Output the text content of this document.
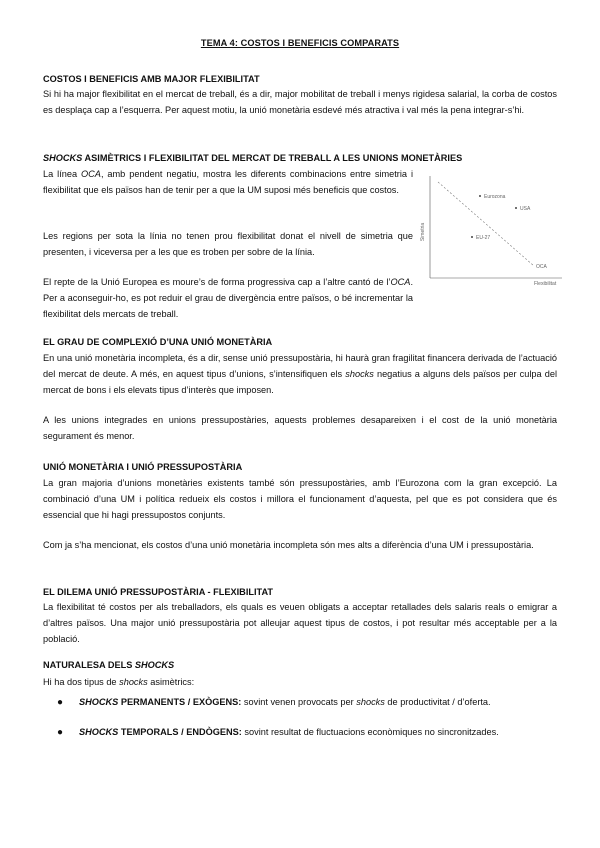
TEMA 4: COSTOS I BENEFICIS COMPARATS
COSTOS I BENEFICIS AMB MAJOR FLEXIBILITAT
Si hi ha major flexibilitat en el mercat de treball, és a dir, major mobilitat de treball i menys rigidesa salarial, la corba de costos es desplaça cap a l’esquerra. Per aquest motiu, la unió monetària esdevé més atractiva i val més la pena integrar-s’hi.
SHOCKS ASIMÈTRICS I FLEXIBILITAT DEL MERCAT DE TREBALL A LES UNIONS MONETÀRIES
La línea OCA, amb pendent negatiu, mostra les diferents combinacions entre simetria i flexibilitat que els països han de tenir per a que la UM suposi més beneficis que costos.
Les regions per sota la línia no tenen prou flexibilitat donat el nivell de simetria que presenten, i viceversa per a les que es troben per sobre de la línia.
El repte de la Unió Europea es moure’s de forma progressiva cap a l’altre cantó de l’OCA. Per a aconseguir-ho, es pot reduir el grau de divergència entre països, o bé incrementar la flexibilitat dels mercats de treball.
Simetria
Flexibilitat
Eurozona
USA
EU-27
OCA
EL GRAU DE COMPLEXIÓ D’UNA UNIÓ MONETÀRIA
En una unió monetària incompleta, és a dir, sense unió pressupostària, hi haurà gran fragilitat financera derivada de l’actuació del mercat de deute. A més, en aquest tipus d’unions, s’intensifiquen els shocks negatius a alguns dels països per culpa del mercat de bons i els elevats tipus d’interès que imposen.
A les unions integrades en unions pressupostàries, aquests problemes desapareixen i el cost de la unió monetària segurament és menor.
UNIÓ MONETÀRIA I UNIÓ PRESSUPOSTÀRIA
La gran majoria d’unions monetàries existents també són pressupostàries, amb l’Eurozona com la gran excepció. La combinació d’una UM i política redueix els costos i millora el funcionament d’aquesta, pel que es pot considera que és essencial que hi hagi pressupostos conjunts.
Com ja s’ha mencionat, els costos d’una unió monetària incompleta són mes alts a diferència d’una UM i pressupostària.
EL DILEMA UNIÓ PRESSUPOSTÀRIA - FLEXIBILITAT
La flexibilitat té costos per als treballadors, els quals es veuen obligats a acceptar retallades dels salaris reals o emigrar a d’altres països. Una major unió pressupostària pot alleujar aquest tipus de costos, i pot resultar més acceptable per a la població.
NATURALESA DELS SHOCKS
Hi ha dos tipus de shocks asimètrics:
● SHOCKS PERMANENTS / EXÒGENS: sovint venen provocats per shocks de productivitat / d’oferta.
● SHOCKS TEMPORALS / ENDÒGENS: sovint resultat de fluctuacions econòmiques no sincronitzades.
